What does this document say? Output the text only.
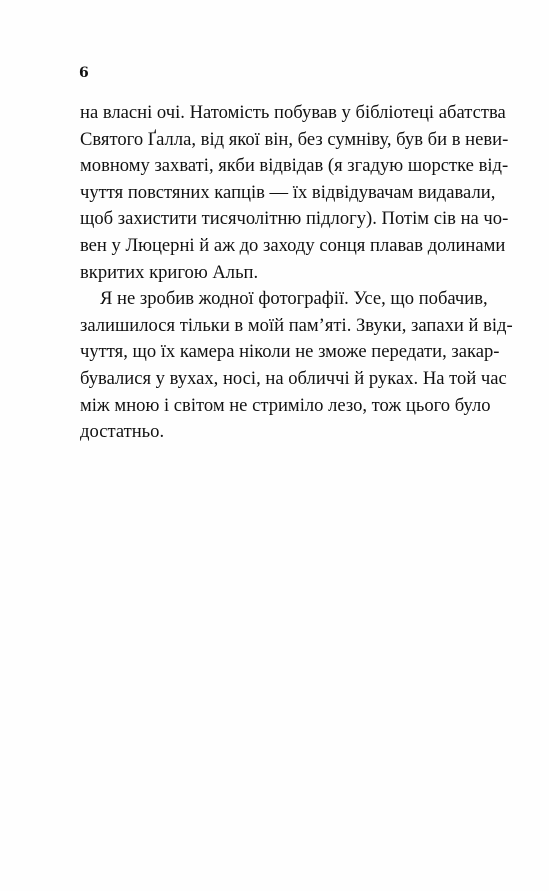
6
на власні очі. Натомість побував у бібліотеці абатства
Святого Ґалла, від якої він, без сумніву, був би в неви-
мовному захваті, якби відвідав (я згадую шорстке від-
чуття повстяних капців — їх відвідувачам видавали,
щоб захистити тисячолітню підлогу). Потім сів на чо-
вен у Люцерні й аж до заходу сонця плавав долинами
вкритих кригою Альп.
Я не зробив жодної фотографії. Усе, що побачив,
залишилося тільки в моїй пам’яті. Звуки, запахи й від-
чуття, що їх камера ніколи не зможе передати, закар-
бувалися у вухах, носі, на обличчі й руках. На той час
між мною і світом не стриміло лезо, тож цього було
достатньо.
